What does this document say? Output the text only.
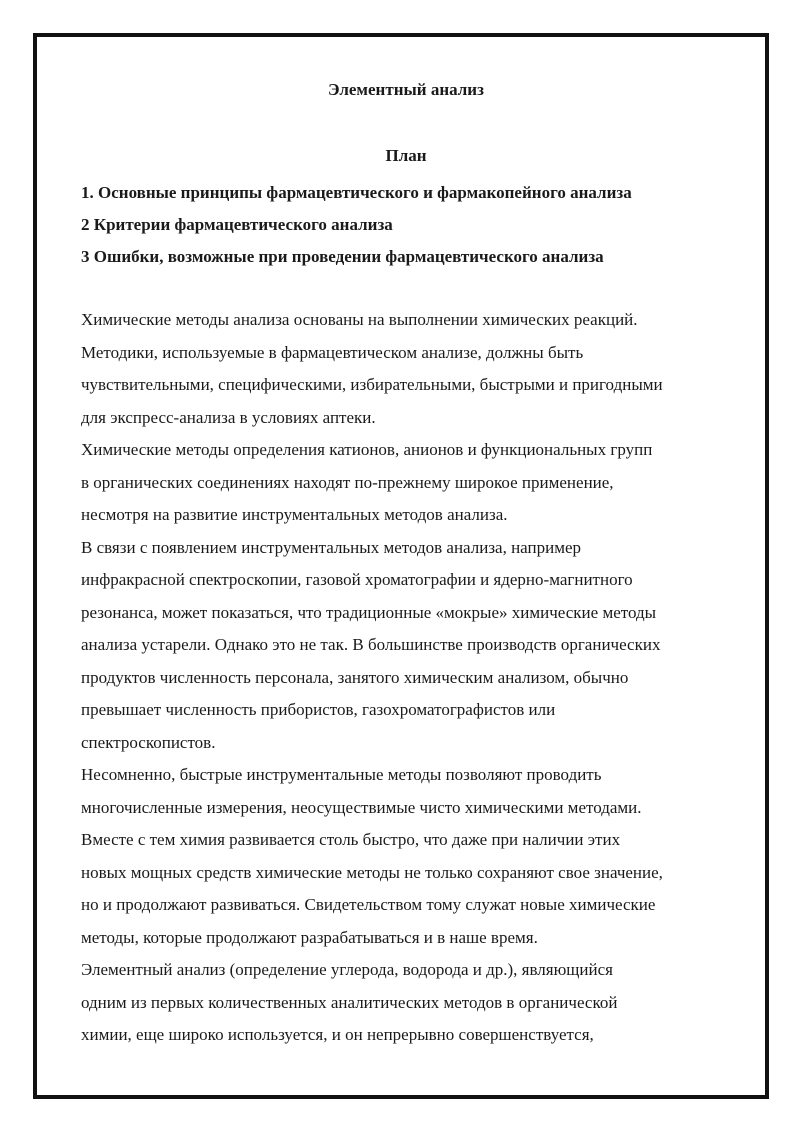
Элементный анализ
План
1. Основные принципы фармацевтического и фармакопейного анализа
2 Критерии фармацевтического анализа
3 Ошибки, возможные при проведении фармацевтического анализа
Химические методы анализа основаны на выполнении химических реакций.
Методики, используемые в фармацевтическом анализе, должны быть
чувствительными, специфическими, избирательными, быстрыми и пригодными
для экспресс-анализа в условиях аптеки.
Химические методы определения катионов, анионов и функциональных групп
в органических соединениях находят по-прежнему широкое применение,
несмотря на развитие инструментальных методов анализа.
В связи с появлением инструментальных методов анализа, например
инфракрасной спектроскопии, газовой хроматографии и ядерно-магнитного
резонанса, может показаться, что традиционные «мокрые» химические методы
анализа устарели. Однако это не так. В большинстве производств органических
продуктов численность персонала, занятого химическим анализом, обычно
превышает численность прибористов, газохроматографистов или
спектроскопистов.
Несомненно, быстрые инструментальные методы позволяют проводить
многочисленные измерения, неосуществимые чисто химическими методами.
Вместе с тем химия развивается столь быстро, что даже при наличии этих
новых мощных средств химические методы не только сохраняют свое значение,
но и продолжают развиваться. Свидетельством тому служат новые химические
методы, которые продолжают разрабатываться и в наше время.
Элементный анализ (определение углерода, водорода и др.), являющийся
одним из первых количественных аналитических методов в органической
химии, еще широко используется, и он непрерывно совершенствуется,
